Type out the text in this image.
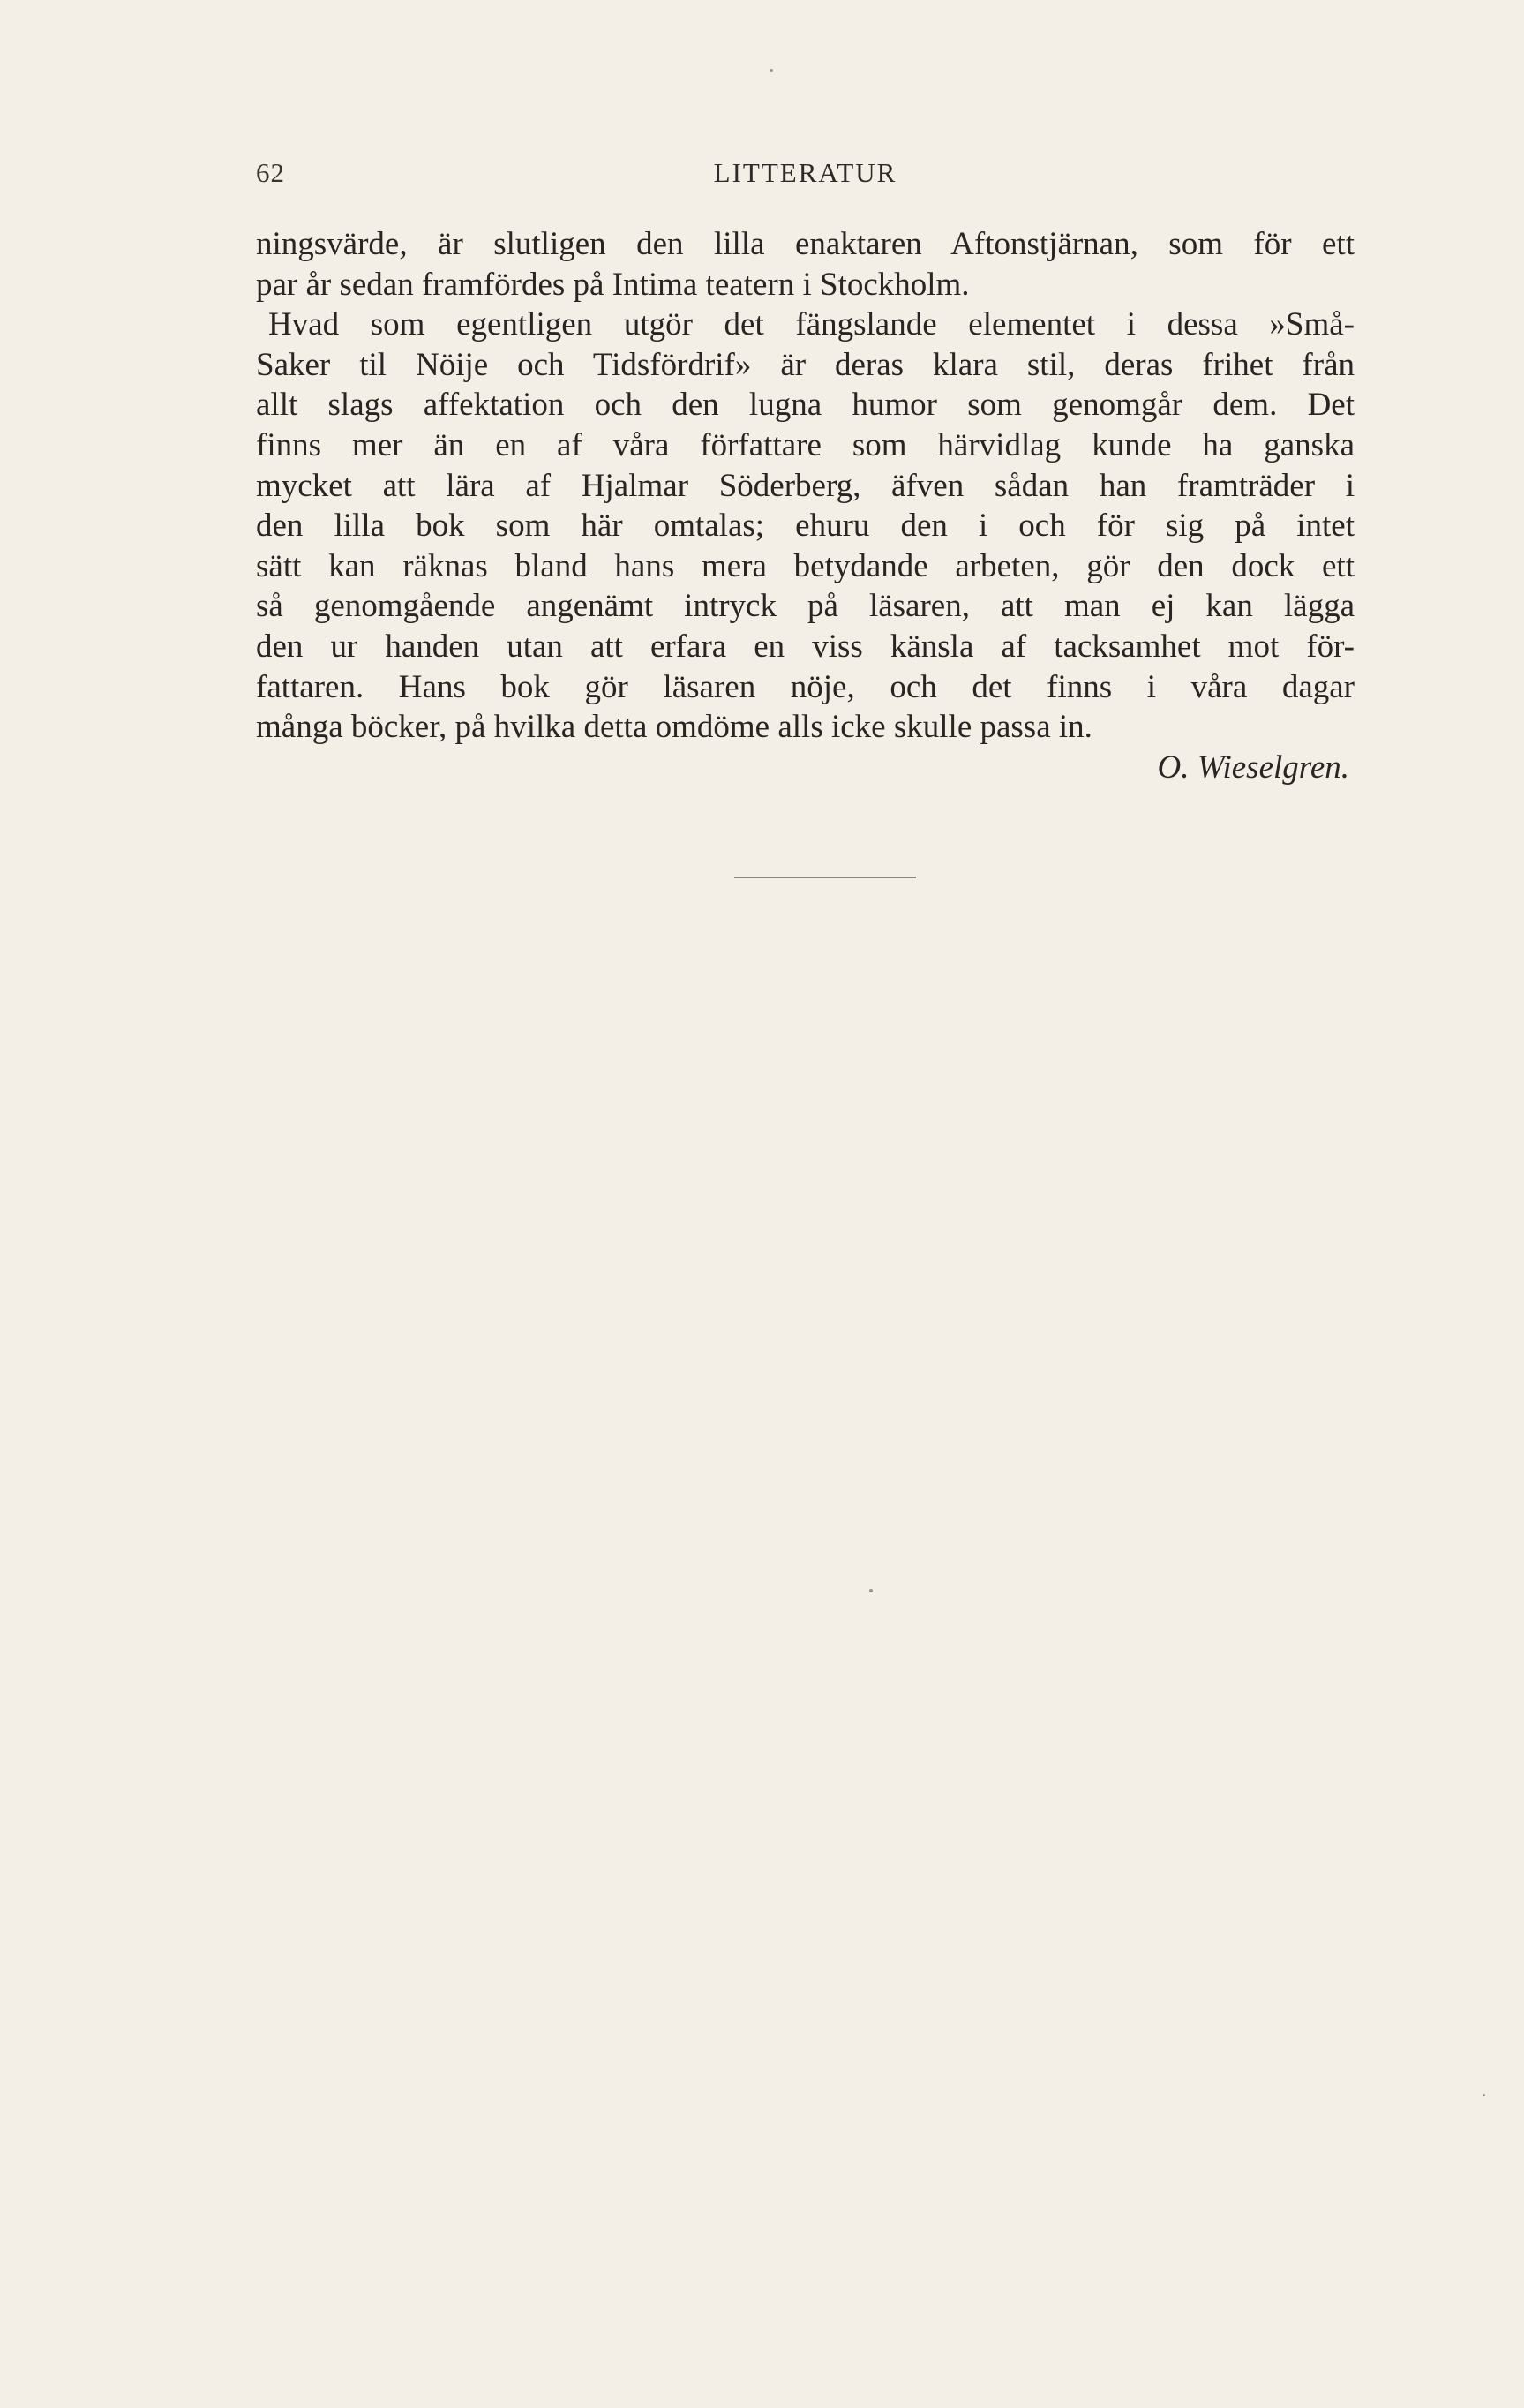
62	LITTERATUR
ningsvärde, är slutligen den lilla enaktaren Aftonstjärnan, som för ett
par år sedan framfördes på Intima teatern i Stockholm.
Hvad som egentligen utgör det fängslande elementet i dessa »Små-
Saker til Nöije och Tidsfördrif» är deras klara stil, deras frihet från
allt slags affektation och den lugna humor som genomgår dem. Det
finns mer än en af våra författare som härvidlag kunde ha ganska
mycket att lära af Hjalmar Söderberg, äfven sådan han framträder i
den lilla bok som här omtalas; ehuru den i och för sig på intet
sätt kan räknas bland hans mera betydande arbeten, gör den dock ett
så genomgående angenämt intryck på läsaren, att man ej kan lägga
den ur handen utan att erfara en viss känsla af tacksamhet mot för-
fattaren. Hans bok gör läsaren nöje, och det finns i våra dagar
många böcker, på hvilka detta omdöme alls icke skulle passa in.
O. Wieselgren.
